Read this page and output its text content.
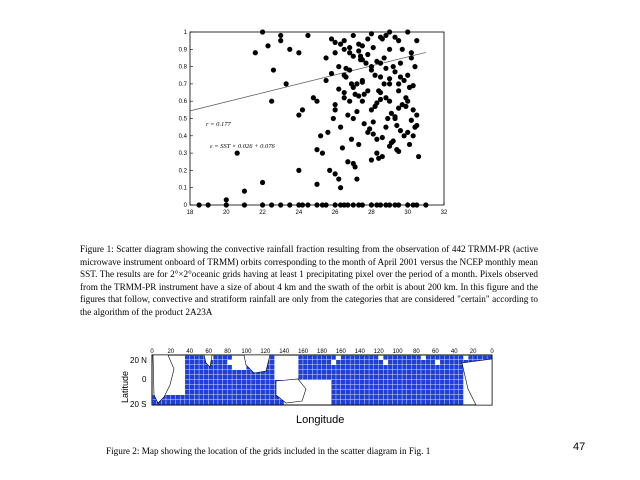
18	20	22	24	26	28	30	32
0
0.1
0.2
0.3
0.4
0.5
0.6
0.7
0.8
0.9
1
r = 0.177
ε = SST × 0.026 + 0.076

Figure 1: Scatter diagram showing the convective rainfall fraction resulting from the observation of 442 TRMM-PR (active microwave instrument onboard of TRMM) orbits corresponding to the month of April 2001 versus the NCEP monthly mean SST. The results are for 2°×2°oceanic grids having at least 1 precipitating pixel over the period of a month. Pixels observed from the TRMM-PR instrument have a size of about 4 km and the swath of the orbit is about 200 km. In this figure and the figures that follow, convective and stratiform rainfall are only from the categories that are considered "certain" according to the algorithm of the product 2A23A

0 20 40 60 80 100 120 140 160 180 160 140 120 100 80 60 40 20 0
20 N
0
20 S
Latitude
Longitude

Figure 2: Map showing the location of the grids included in the scatter diagram in Fig. 1	47
